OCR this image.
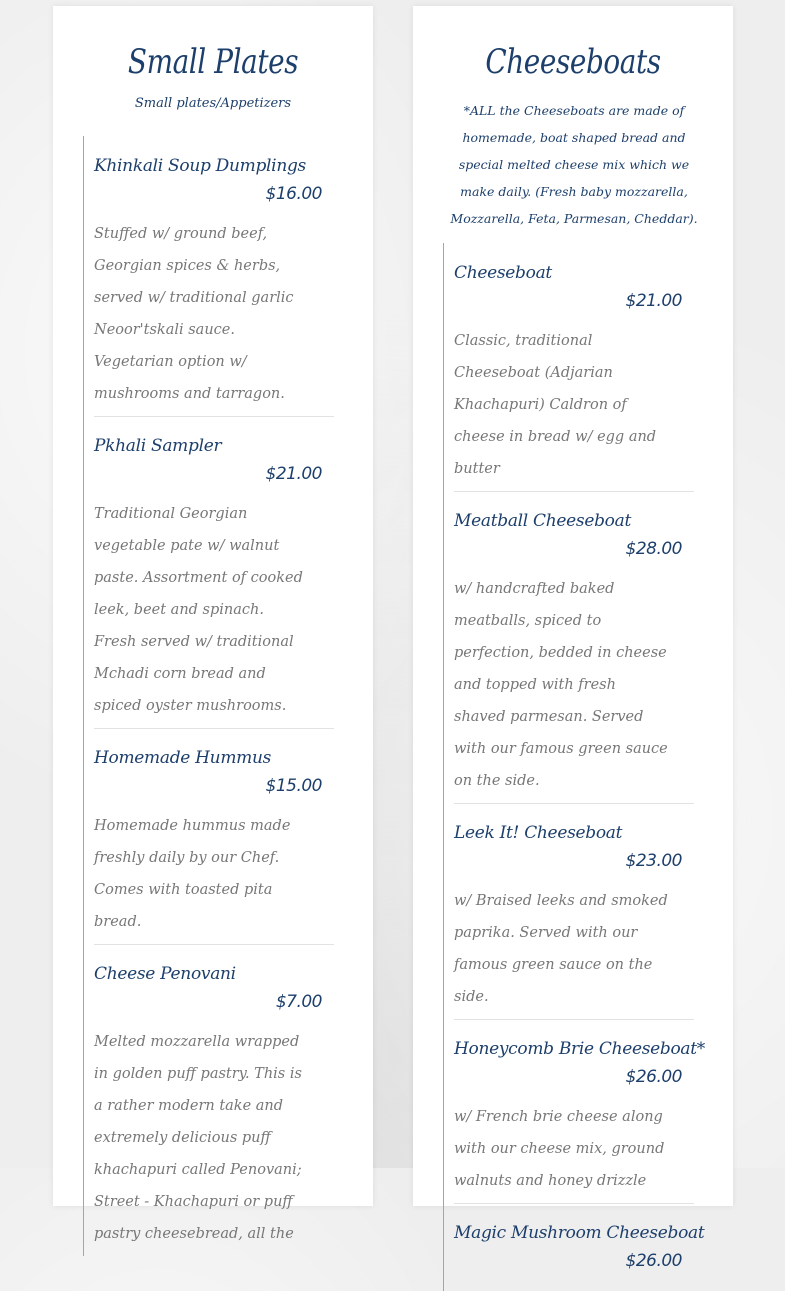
Small Plates
Small plates/Appetizers
Khinkali Soup Dumplings
$16.00
Stuffed w/ ground beef, Georgian spices & herbs, served w/ traditional garlic Neoor'tskali sauce. Vegetarian option w/ mushrooms and tarragon.
Pkhali Sampler
$21.00
Traditional Georgian vegetable pate w/ walnut paste. Assortment of cooked leek, beet and spinach. Fresh served w/ traditional Mchadi corn bread and spiced oyster mushrooms.
Homemade Hummus
$15.00
Homemade hummus made freshly daily by our Chef. Comes with toasted pita bread.
Cheese Penovani
$7.00
Melted mozzarella wrapped in golden puff pastry. This is a rather modern take and extremely delicious puff khachapuri called Penovani; Street - Khachapuri or puff pastry cheesebread, all the
Cheeseboats
*ALL the Cheeseboats are made of homemade, boat shaped bread and special melted cheese mix which we make daily. (Fresh baby mozzarella, Mozzarella, Feta, Parmesan, Cheddar).
Cheeseboat
$21.00
Classic, traditional Cheeseboat (Adjarian Khachapuri) Caldron of cheese in bread w/ egg and butter
Meatball Cheeseboat
$28.00
w/ handcrafted baked meatballs, spiced to perfection, bedded in cheese and topped with fresh shaved parmesan. Served with our famous green sauce on the side.
Leek It! Cheeseboat
$23.00
w/ Braised leeks and smoked paprika. Served with our famous green sauce on the side.
Honeycomb Brie Cheeseboat*
$26.00
w/ French brie cheese along with our cheese mix, ground walnuts and honey drizzle
Magic Mushroom Cheeseboat
$26.00
